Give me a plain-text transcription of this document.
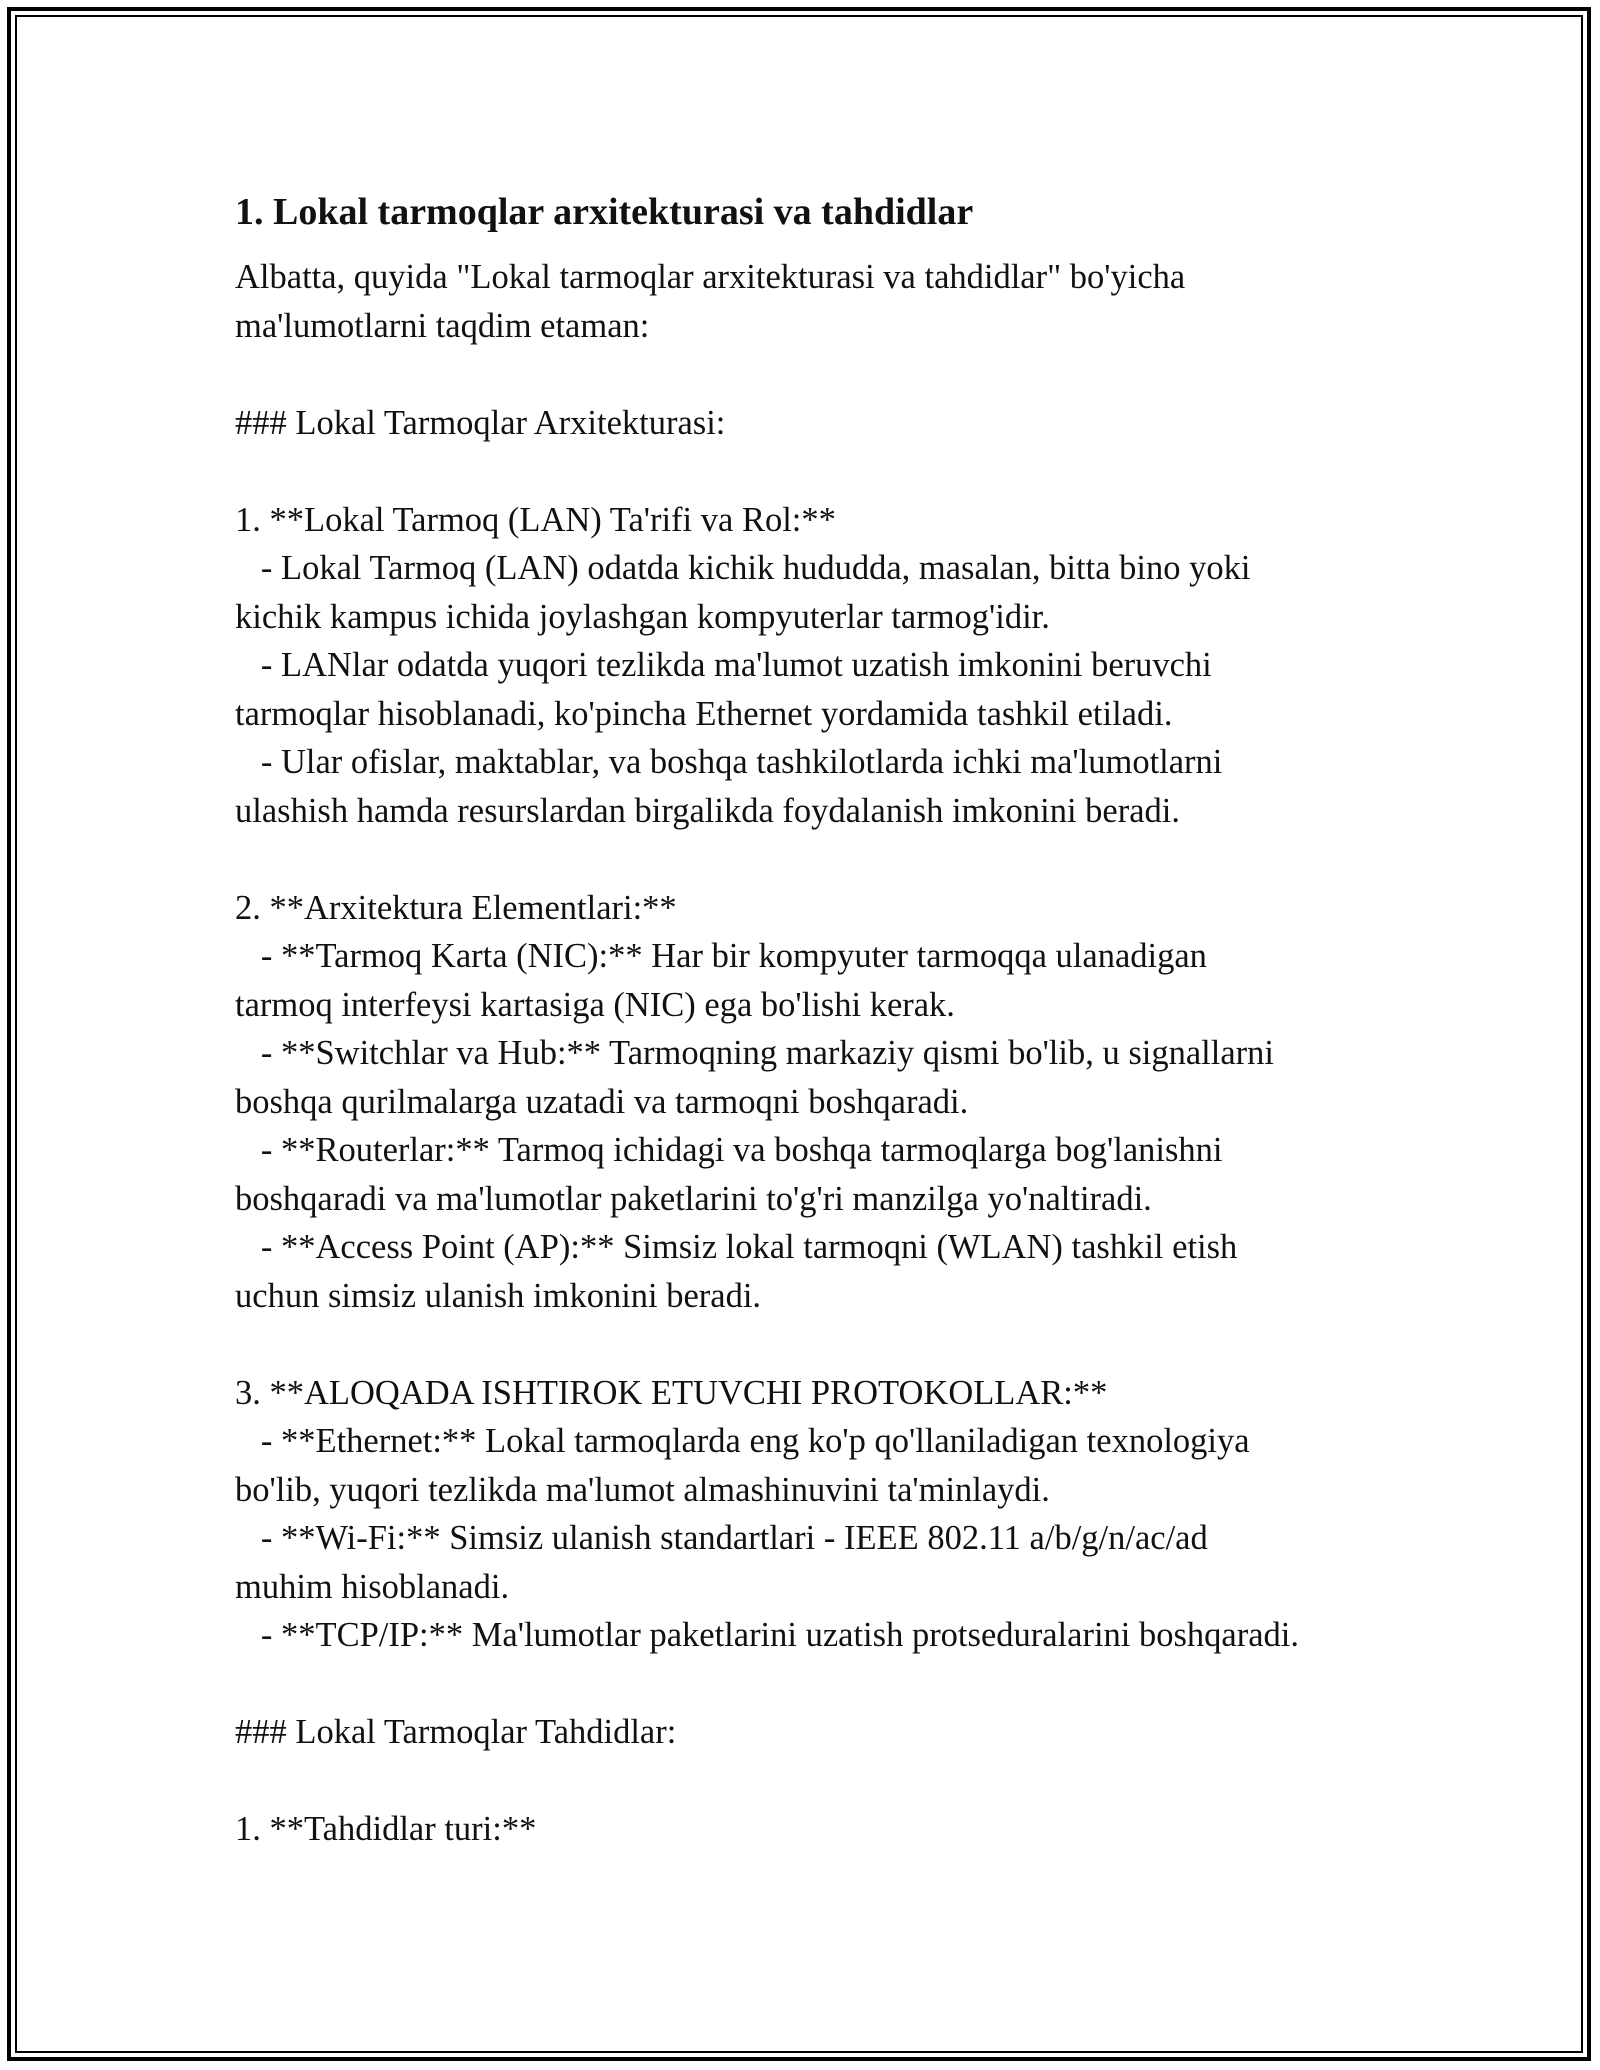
1. Lokal tarmoqlar arxitekturasi va tahdidlar
Albatta, quyida "Lokal tarmoqlar arxitekturasi va tahdidlar" bo'yicha
ma'lumotlarni taqdim etaman:

### Lokal Tarmoqlar Arxitekturasi:

1. **Lokal Tarmoq (LAN) Ta'rifi va Rol:**
- Lokal Tarmoq (LAN) odatda kichik hududda, masalan, bitta bino yoki
kichik kampus ichida joylashgan kompyuterlar tarmog'idir.
- LANlar odatda yuqori tezlikda ma'lumot uzatish imkonini beruvchi
tarmoqlar hisoblanadi, ko'pincha Ethernet yordamida tashkil etiladi.
- Ular ofislar, maktablar, va boshqa tashkilotlarda ichki ma'lumotlarni
ulashish hamda resurslardan birgalikda foydalanish imkonini beradi.

2. **Arxitektura Elementlari:**
- **Tarmoq Karta (NIC):** Har bir kompyuter tarmoqqa ulanadigan
tarmoq interfeysi kartasiga (NIC) ega bo'lishi kerak.
- **Switchlar va Hub:** Tarmoqning markaziy qismi bo'lib, u signallarni
boshqa qurilmalarga uzatadi va tarmoqni boshqaradi.
- **Routerlar:** Tarmoq ichidagi va boshqa tarmoqlarga bog'lanishni
boshqaradi va ma'lumotlar paketlarini to'g'ri manzilga yo'naltiradi.
- **Access Point (AP):** Simsiz lokal tarmoqni (WLAN) tashkil etish
uchun simsiz ulanish imkonini beradi.

3. **ALOQADA ISHTIROK ETUVCHI PROTOKOLLAR:**
- **Ethernet:** Lokal tarmoqlarda eng ko'p qo'llaniladigan texnologiya
bo'lib, yuqori tezlikda ma'lumot almashinuvini ta'minlaydi.
- **Wi-Fi:** Simsiz ulanish standartlari - IEEE 802.11 a/b/g/n/ac/ad
muhim hisoblanadi.
- **TCP/IP:** Ma'lumotlar paketlarini uzatish protseduralarini boshqaradi.

### Lokal Tarmoqlar Tahdidlar:

1. **Tahdidlar turi:**
